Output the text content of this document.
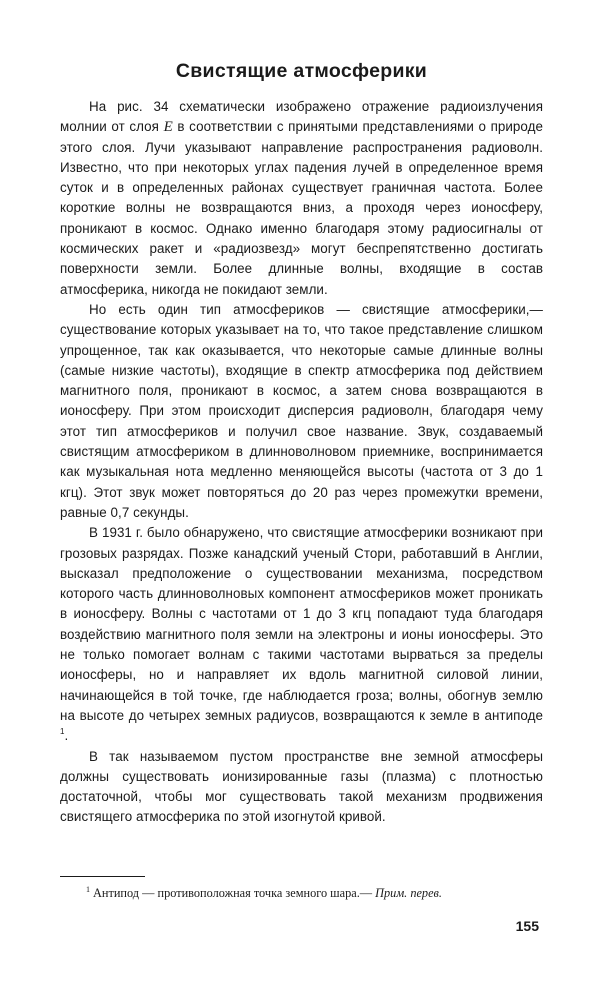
Свистящие атмосферики

На рис. 34 схематически изображено отражение радиоизлучения молнии от слоя E в соответствии с принятыми представлениями о природе этого слоя. Лучи указывают направление распространения радиоволн. Известно, что при некоторых углах падения лучей в определенное время суток и в определенных районах существует граничная частота. Более короткие волны не возвращаются вниз, а проходя через ионосферу, проникают в космос. Однако именно благодаря этому радиосигналы от космических ракет и «радиозвезд» могут беспрепятственно достигать поверхности земли. Более длинные волны, входящие в состав атмосферика, никогда не покидают земли.

Но есть один тип атмосфериков — свистящие атмосферики,— существование которых указывает на то, что такое представление слишком упрощенное, так как оказывается, что некоторые самые длинные волны (самые низкие частоты), входящие в спектр атмосферика под действием магнитного поля, проникают в космос, а затем снова возвращаются в ионосферу. При этом происходит дисперсия радиоволн, благодаря чему этот тип атмосфериков и получил свое название. Звук, создаваемый свистящим атмосфериком в длинноволновом приемнике, воспринимается как музыкальная нота медленно меняющейся высоты (частота от 3 до 1 кгц). Этот звук может повторяться до 20 раз через промежутки времени, равные 0,7 секунды.

В 1931 г. было обнаружено, что свистящие атмосферики возникают при грозовых разрядах. Позже канадский ученый Стори, работавший в Англии, высказал предположение о существовании механизма, посредством которого часть длинноволновых компонент атмосфериков может проникать в ионосферу. Волны с частотами от 1 до 3 кгц попадают туда благодаря воздействию магнитного поля земли на электроны и ионы ионосферы. Это не только помогает волнам с такими частотами вырваться за пределы ионосферы, но и направляет их вдоль магнитной силовой линии, начинающейся в той точке, где наблюдается гроза; волны, обогнув землю на высоте до четырех земных радиусов, возвращаются к земле в антиподе $^1$.

В так называемом пустом пространстве вне земной атмосферы должны существовать ионизированные газы (плазма) с плотностью достаточной, чтобы мог существовать такой механизм продвижения свистящего атмосферика по этой изогнутой кривой.

$^1$ Антипод — противоположная точка земного шара.— Прим. перев.
155
